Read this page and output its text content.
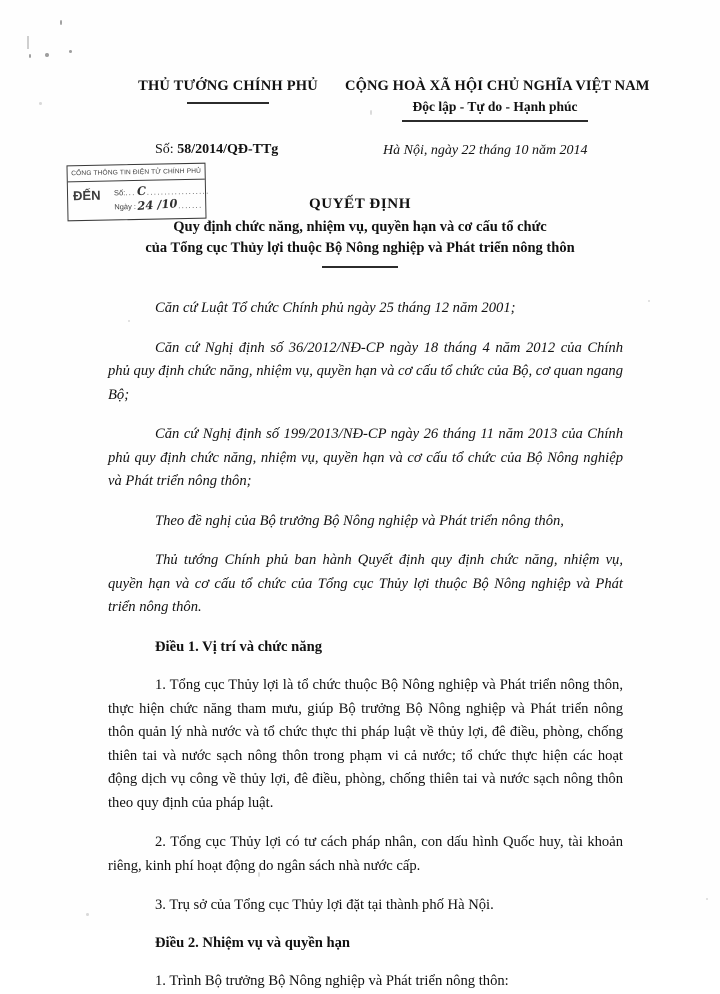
THỦ TƯỚNG CHÍNH PHỦ	CỘNG HOÀ XÃ HỘI CHỦ NGHĨA VIỆT NAM
Độc lập - Tự do - Hạnh phúc
Số: 58/2014/QĐ-TTg	Hà Nội, ngày 22 tháng 10 năm 2014
CỔNG THÔNG TIN ĐIỆN TỬ CHÍNH PHỦ
ĐẾN Số:...C..................
Ngày :24 /10.......	QUYẾT ĐỊNH
Quy định chức năng, nhiệm vụ, quyền hạn và cơ cấu tổ chức
của Tổng cục Thủy lợi thuộc Bộ Nông nghiệp và Phát triển nông thôn

Căn cứ Luật Tổ chức Chính phủ ngày 25 tháng 12 năm 2001;

Căn cứ Nghị định số 36/2012/NĐ-CP ngày 18 tháng 4 năm 2012 của Chính phủ quy định chức năng, nhiệm vụ, quyền hạn và cơ cấu tổ chức của Bộ, cơ quan ngang Bộ;

Căn cứ Nghị định số 199/2013/NĐ-CP ngày 26 tháng 11 năm 2013 của Chính phủ quy định chức năng, nhiệm vụ, quyền hạn và cơ cấu tổ chức của Bộ Nông nghiệp và Phát triển nông thôn;

Theo đề nghị của Bộ trưởng Bộ Nông nghiệp và Phát triển nông thôn,

Thủ tướng Chính phủ ban hành Quyết định quy định chức năng, nhiệm vụ, quyền hạn và cơ cấu tổ chức của Tổng cục Thủy lợi thuộc Bộ Nông nghiệp và Phát triển nông thôn.

Điều 1. Vị trí và chức năng

1. Tổng cục Thủy lợi là tổ chức thuộc Bộ Nông nghiệp và Phát triển nông thôn, thực hiện chức năng tham mưu, giúp Bộ trưởng Bộ Nông nghiệp và Phát triển nông thôn quản lý nhà nước và tổ chức thực thi pháp luật về thủy lợi, đê điều, phòng, chống thiên tai và nước sạch nông thôn trong phạm vi cả nước; tổ chức thực hiện các hoạt động dịch vụ công về thủy lợi, đê điều, phòng, chống thiên tai và nước sạch nông thôn theo quy định của pháp luật.

2. Tổng cục Thủy lợi có tư cách pháp nhân, con dấu hình Quốc huy, tài khoản riêng, kinh phí hoạt động do ngân sách nhà nước cấp.

3. Trụ sở của Tổng cục Thủy lợi đặt tại thành phố Hà Nội.

Điều 2. Nhiệm vụ và quyền hạn

1. Trình Bộ trưởng Bộ Nông nghiệp và Phát triển nông thôn:
